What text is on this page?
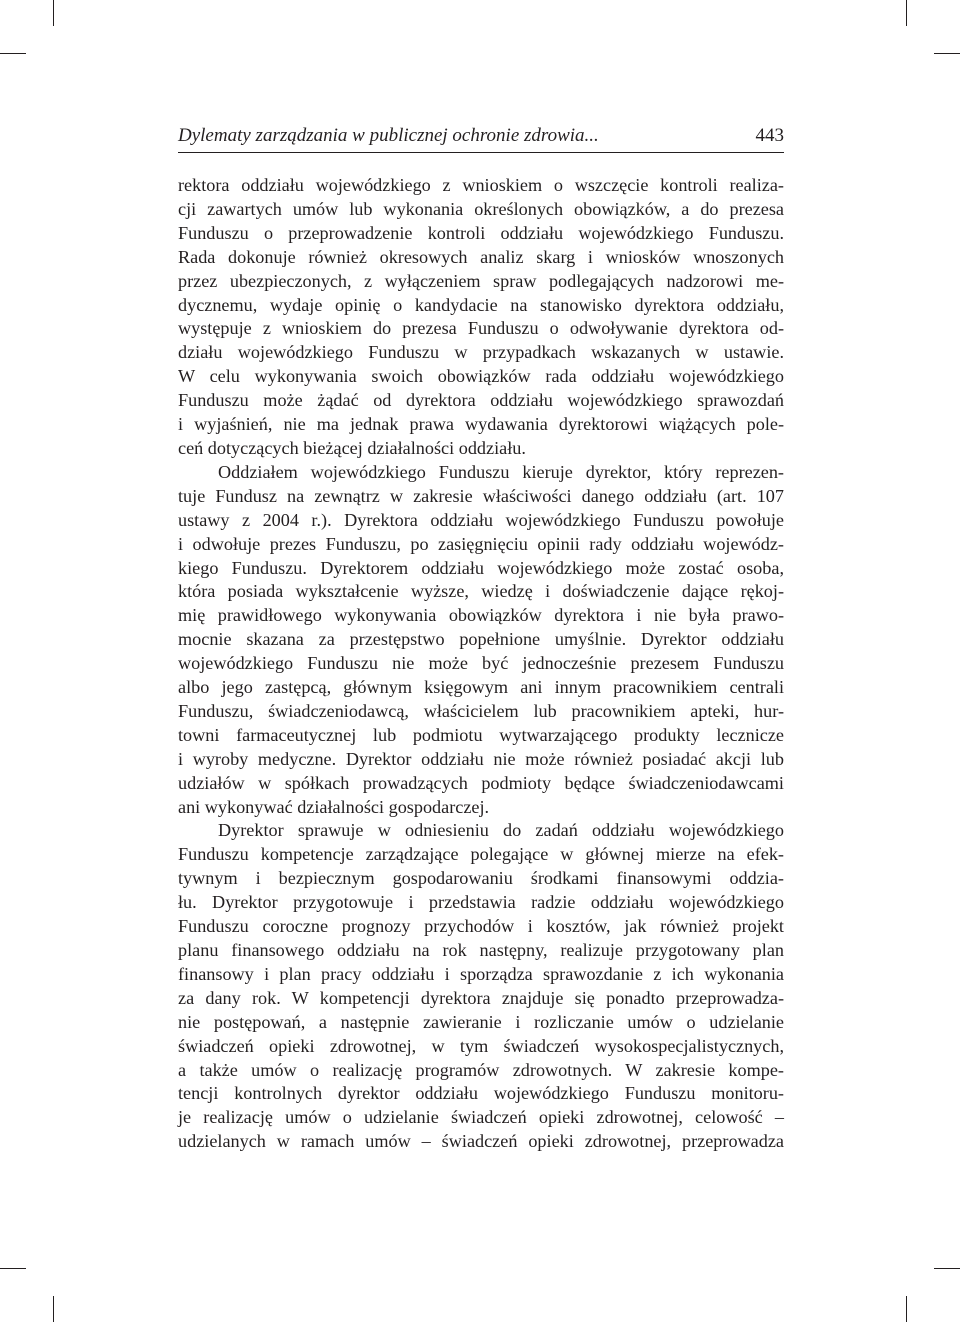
Dylematy zarządzania w publicznej ochronie zdrowia...	443
rektora oddziału wojewódzkiego z wnioskiem o wszczęcie kontroli realiza-
cji zawartych umów lub wykonania określonych obowiązków, a do prezesa
Funduszu o przeprowadzenie kontroli oddziału wojewódzkiego Funduszu.
Rada dokonuje również okresowych analiz skarg i wniosków wnoszonych
przez ubezpieczonych, z wyłączeniem spraw podlegających nadzorowi me-
dycznemu, wydaje opinię o kandydacie na stanowisko dyrektora oddziału,
występuje z wnioskiem do prezesa Funduszu o odwoływanie dyrektora od-
działu wojewódzkiego Funduszu w przypadkach wskazanych w ustawie.
W celu wykonywania swoich obowiązków rada oddziału wojewódzkiego
Funduszu może żądać od dyrektora oddziału wojewódzkiego sprawozdań
i wyjaśnień, nie ma jednak prawa wydawania dyrektorowi wiążących pole-
ceń dotyczących bieżącej działalności oddziału.
Oddziałem wojewódzkiego Funduszu kieruje dyrektor, który reprezen-
tuje Fundusz na zewnątrz w zakresie właściwości danego oddziału (art. 107
ustawy z 2004 r.). Dyrektora oddziału wojewódzkiego Funduszu powołuje
i odwołuje prezes Funduszu, po zasięgnięciu opinii rady oddziału wojewódz-
kiego Funduszu. Dyrektorem oddziału wojewódzkiego może zostać osoba,
która posiada wykształcenie wyższe, wiedzę i doświadczenie dające rękoj-
mię prawidłowego wykonywania obowiązków dyrektora i nie była prawo-
mocnie skazana za przestępstwo popełnione umyślnie. Dyrektor oddziału
wojewódzkiego Funduszu nie może być jednocześnie prezesem Funduszu
albo jego zastępcą, głównym księgowym ani innym pracownikiem centrali
Funduszu, świadczeniodawcą, właścicielem lub pracownikiem apteki, hur-
towni farmaceutycznej lub podmiotu wytwarzającego produkty lecznicze
i wyroby medyczne. Dyrektor oddziału nie może również posiadać akcji lub
udziałów w spółkach prowadzących podmioty będące świadczeniodawcami
ani wykonywać działalności gospodarczej.
Dyrektor sprawuje w odniesieniu do zadań oddziału wojewódzkiego
Funduszu kompetencje zarządzające polegające w głównej mierze na efek-
tywnym i bezpiecznym gospodarowaniu środkami finansowymi oddzia-
łu. Dyrektor przygotowuje i przedstawia radzie oddziału wojewódzkiego
Funduszu coroczne prognozy przychodów i kosztów, jak również projekt
planu finansowego oddziału na rok następny, realizuje przygotowany plan
finansowy i plan pracy oddziału i sporządza sprawozdanie z ich wykonania
za dany rok. W kompetencji dyrektora znajduje się ponadto przeprowadza-
nie postępowań, a następnie zawieranie i rozliczanie umów o udzielanie
świadczeń opieki zdrowotnej, w tym świadczeń wysokospecjalistycznych,
a także umów o realizację programów zdrowotnych. W zakresie kompe-
tencji kontrolnych dyrektor oddziału wojewódzkiego Funduszu monitoru-
je realizację umów o udzielanie świadczeń opieki zdrowotnej, celowość –
udzielanych w ramach umów – świadczeń opieki zdrowotnej, przeprowadza
